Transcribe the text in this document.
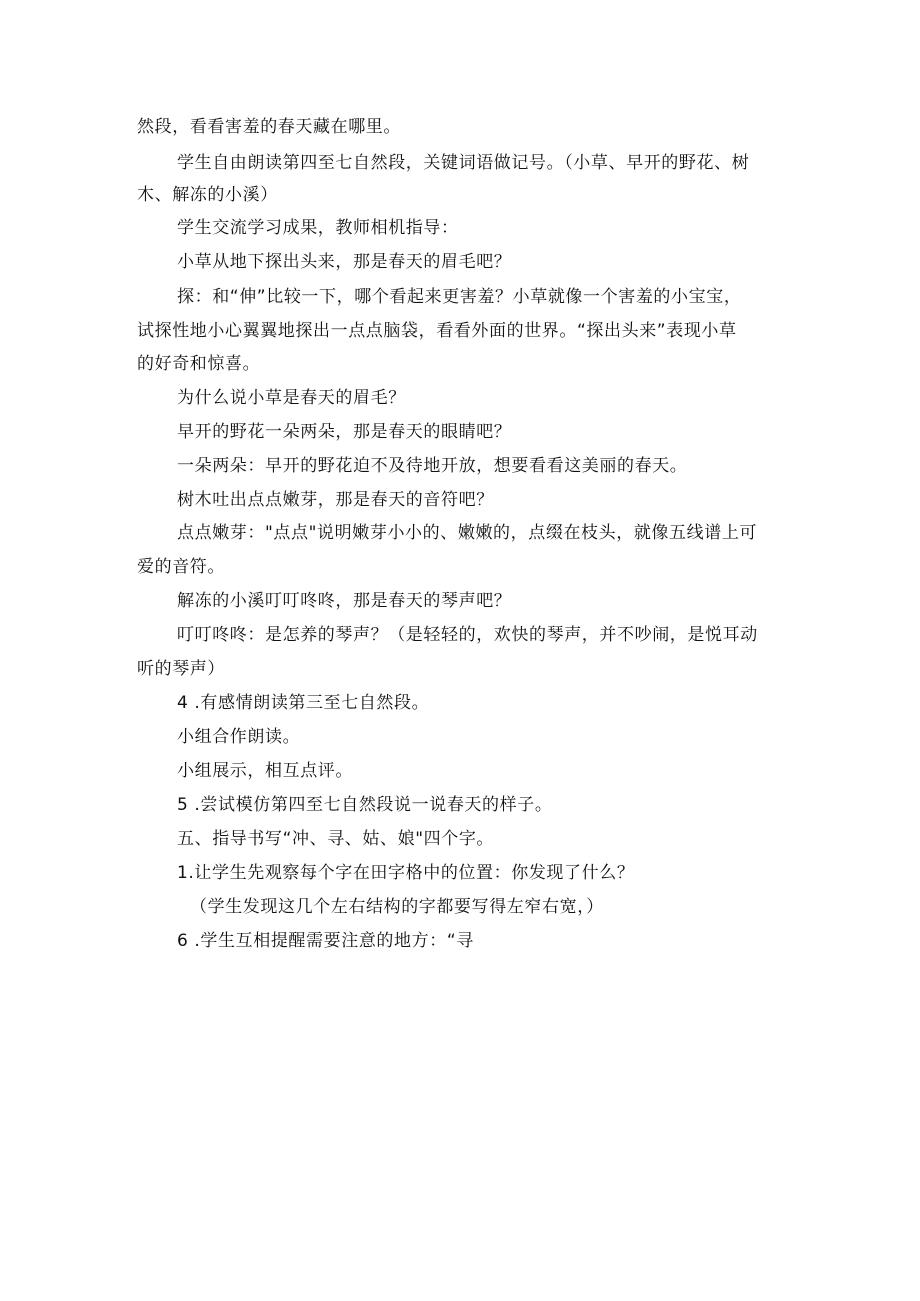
然段，看看害羞的春天藏在哪里。
学生自由朗读第四至七自然段，关键词语做记号。（小草、早开的野花、树
木、解冻的小溪）
学生交流学习成果，教师相机指导：
小草从地下探出头来，那是春天的眉毛吧？
探：和“伸”比较一下，哪个看起来更害羞？小草就像一个害羞的小宝宝，
试探性地小心翼翼地探出一点点脑袋，看看外面的世界。“探出头来”表现小草
的好奇和惊喜。
为什么说小草是春天的眉毛？
早开的野花一朵两朵，那是春天的眼睛吧？
一朵两朵：早开的野花迫不及待地开放，想要看看这美丽的春天。
树木吐出点点嫩芽，那是春天的音符吧？
点点嫩芽："点点"说明嫩芽小小的、嫩嫩的，点缀在枝头，就像五线谱上可
爱的音符。
解冻的小溪叮叮咚咚，那是春天的琴声吧？
叮叮咚咚：是怎养的琴声？（是轻轻的，欢快的琴声，并不吵闹，是悦耳动
听的琴声）
4 .有感情朗读第三至七自然段。
小组合作朗读。
小组展示，相互点评。
5 .尝试模仿第四至七自然段说一说春天的样子。
五、指导书写“冲、寻、姑、娘"四个字。
1.让学生先观察每个字在田字格中的位置：你发现了什么？
（学生发现这几个左右结构的字都要写得左窄右宽，）
6 .学生互相提醒需要注意的地方：“寻
